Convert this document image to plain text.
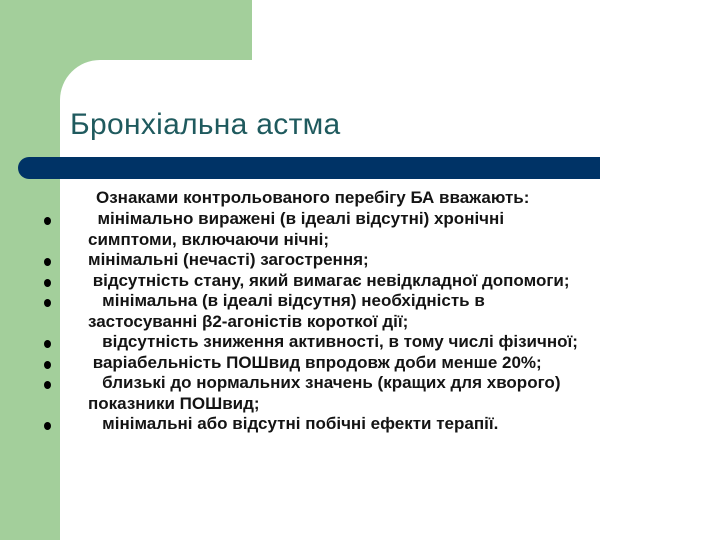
Бронхіальна астма

Ознаками контрольованого перебігу БА вважають:

мінімально виражені (в ідеалі відсутні) хронічні
симптоми, включаючи нічні;
мінімальні (нечасті) загострення;
відсутність стану, який вимагає невідкладної допомоги;
мінімальна (в ідеалі відсутня) необхідність в
застосуванні β2-агоністів короткої дії;
відсутність зниження активності, в тому числі фізичної;
варіабельність ПОШвид впродовж доби менше 20%;
близькі до нормальних значень (кращих для хворого)
показники ПОШвид;
мінімальні або відсутні побічні ефекти терапії.
